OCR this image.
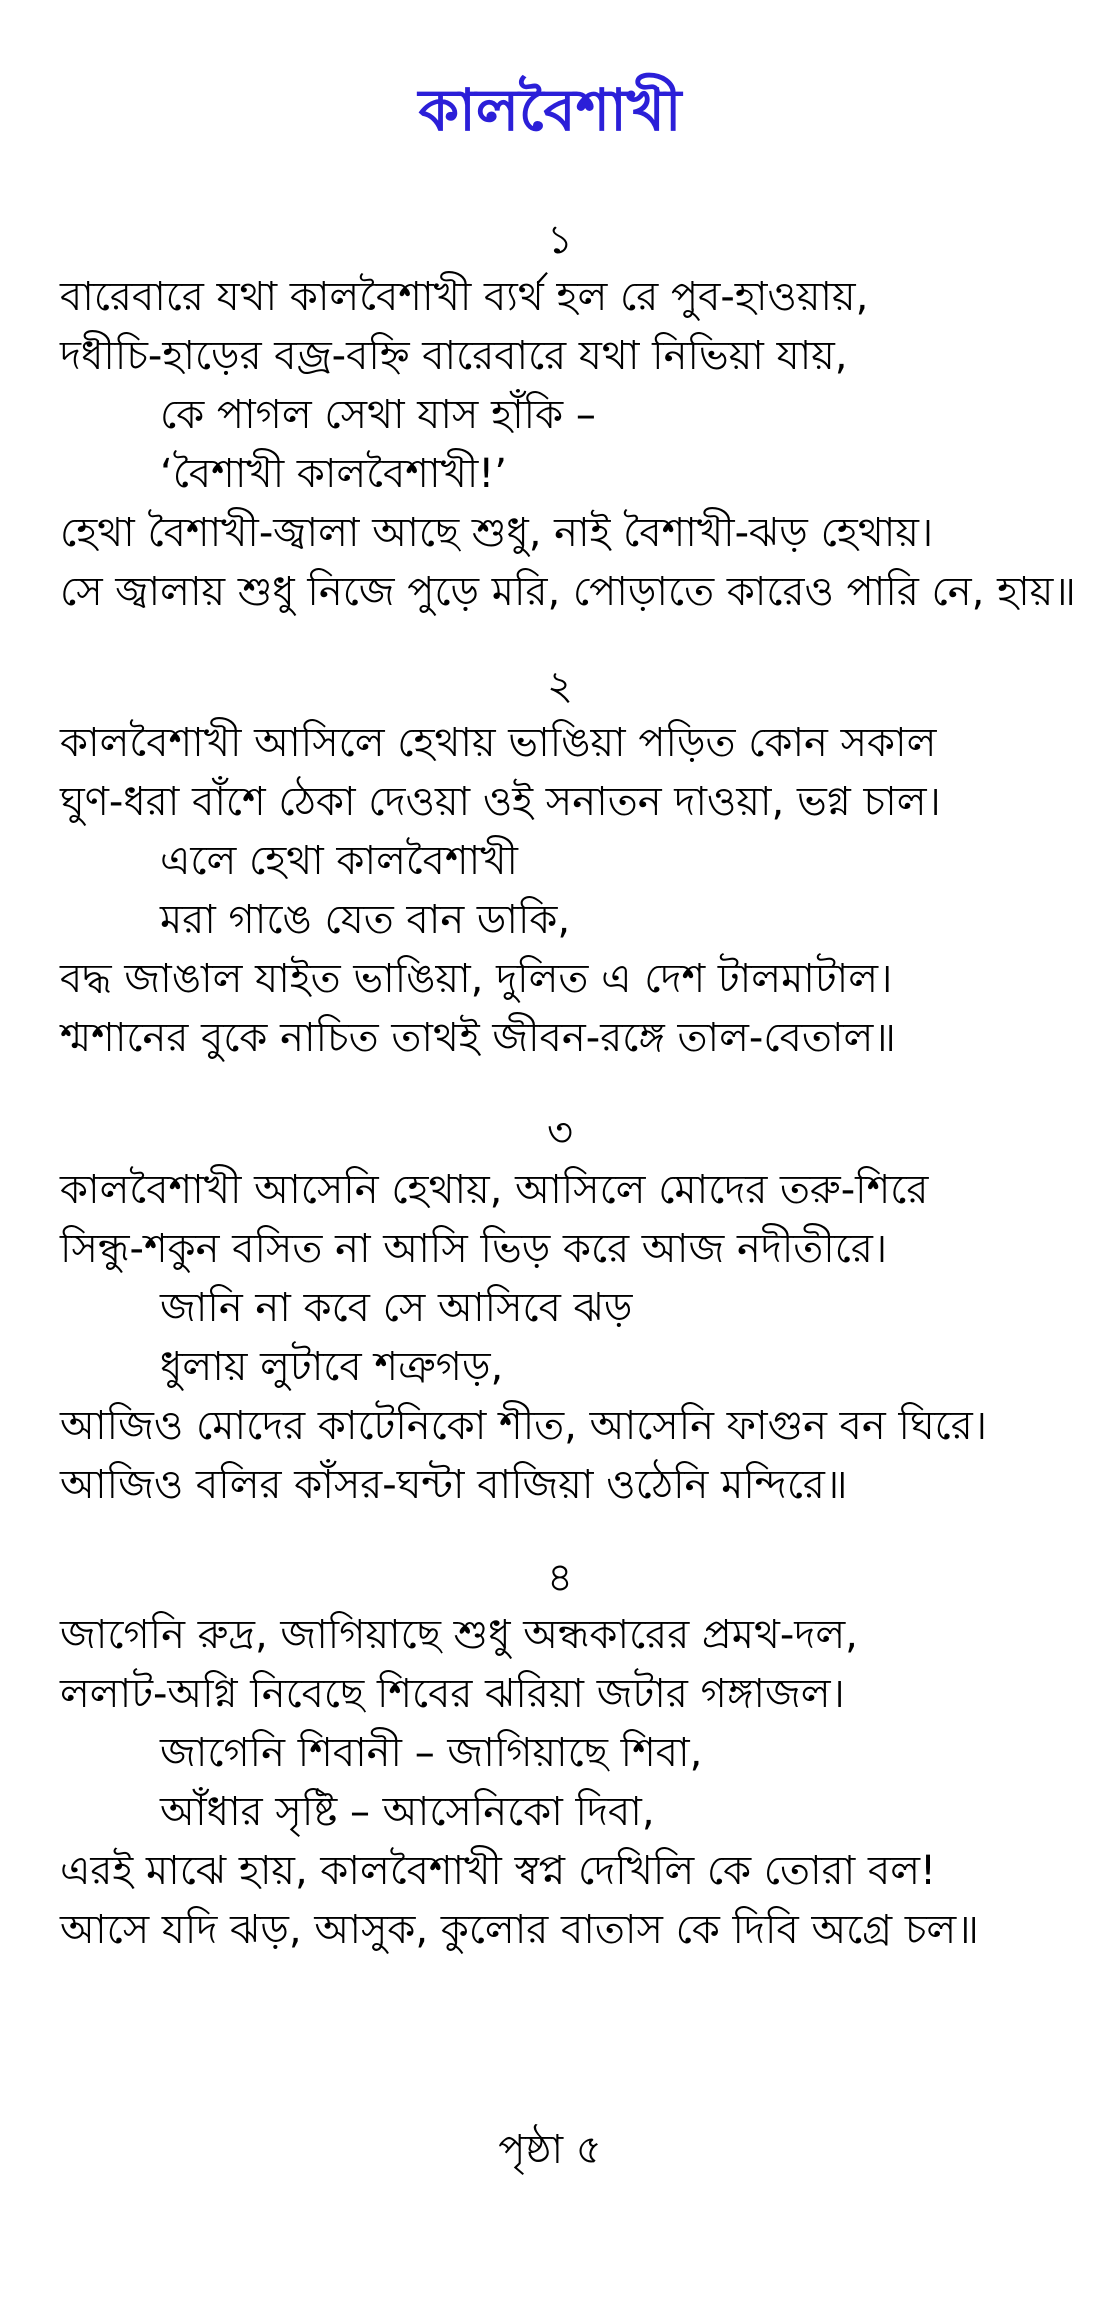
কালবৈশাখী
১
বারেবারে যথা কালবৈশাখী ব্যর্থ হল রে পুব-হাওয়ায়,
দধীচি-হাড়ের বজ্র-বহ্নি বারেবারে যথা নিভিয়া যায়,
কে পাগল সেথা যাস হাঁকি –
‘বৈশাখী কালবৈশাখী!’
হেথা বৈশাখী-জ্বালা আছে শুধু, নাই বৈশাখী-ঝড় হেথায়।
সে জ্বালায় শুধু নিজে পুড়ে মরি, পোড়াতে কারেও পারি নে, হায়॥
২
কালবৈশাখী আসিলে হেথায় ভাঙিয়া পড়িত কোন সকাল
ঘুণ-ধরা বাঁশে ঠেকা দেওয়া ওই সনাতন দাওয়া, ভগ্ন চাল।
এলে হেথা কালবৈশাখী
মরা গাঙে যেত বান ডাকি,
বদ্ধ জাঙাল যাইত ভাঙিয়া, দুলিত এ দেশ টালমাটাল।
শ্মশানের বুকে নাচিত তাথই জীবন-রঙ্গে তাল-বেতাল॥
৩
কালবৈশাখী আসেনি হেথায়, আসিলে মোদের তরু-শিরে
সিন্ধু-শকুন বসিত না আসি ভিড় করে আজ নদীতীরে।
জানি না কবে সে আসিবে ঝড়
ধুলায় লুটাবে শত্রুগড়,
আজিও মোদের কাটেনিকো শীত, আসেনি ফাগুন বন ঘিরে।
আজিও বলির কাঁসর-ঘন্টা বাজিয়া ওঠেনি মন্দিরে॥
৪
জাগেনি রুদ্র, জাগিয়াছে শুধু অন্ধকারের প্রমথ-দল,
ললাট-অগ্নি নিবেছে শিবের ঝরিয়া জটার গঙ্গাজল।
জাগেনি শিবানী – জাগিয়াছে শিবা,
আঁধার সৃষ্টি – আসেনিকো দিবা,
এরই মাঝে হায়, কালবৈশাখী স্বপ্ন দেখিলি কে তোরা বল!
আসে যদি ঝড়, আসুক, কুলোর বাতাস কে দিবি অগ্রে চল॥
পৃষ্ঠা ৫
